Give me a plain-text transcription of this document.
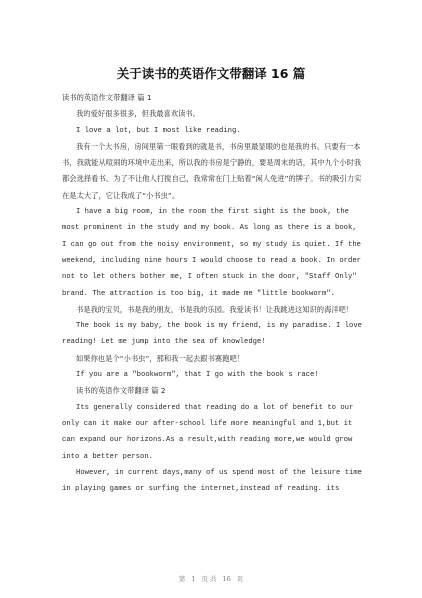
关于读书的英语作文带翻译 16 篇

读书的英语作文带翻译 篇 1

我的爱好很多很多，但我最喜欢读书。

I love a lot, but I most like reading.

我有一个大书房，房间里第一眼看到的就是书，书房里最显眼的也是我的书。只要有一本书，我就能从喧闹的环境中走出来，所以我的书房是宁静的，要是周末的话，其中九个小时我都会选择看书。为了不让他人打搅自己，我常常在门上贴着“闲人免进”的牌子。书的吸引力实在是太大了，它让我成了“小书虫”。

I have a big room, in the room the first sight is the book, the most prominent in the study and my book. As long as there is a book, I can go out from the noisy environment, so my study is quiet. If the weekend, including nine hours I would choose to read a book. In order not to let others bother me, I often stuck in the door, "Staff Only" brand. The attraction is too big, it made me "little bookworm".

书是我的宝贝，书是我的朋友，书是我的乐园。我爱读书！让我跳进这知识的海洋吧！

The book is my baby, the book is my friend, is my paradise. I love reading! Let me jump into the sea of knowledge!

如果你也是个“小书虫”，那和我一起去跟书赛跑吧！

If you are a "bookworm", that I go with the book s race!

读书的英语作文带翻译 篇 2

Its generally considered that reading do a lot of benefit to our only can it make our after-school life more meaningful and 1,but it can expand our horizons.As a result,with reading more,we would grow into a better person.

However, in current days,many of us spend most of the leisure time in playing games or surfing the internet,instead of reading. its

第 1 页 共 16 页
